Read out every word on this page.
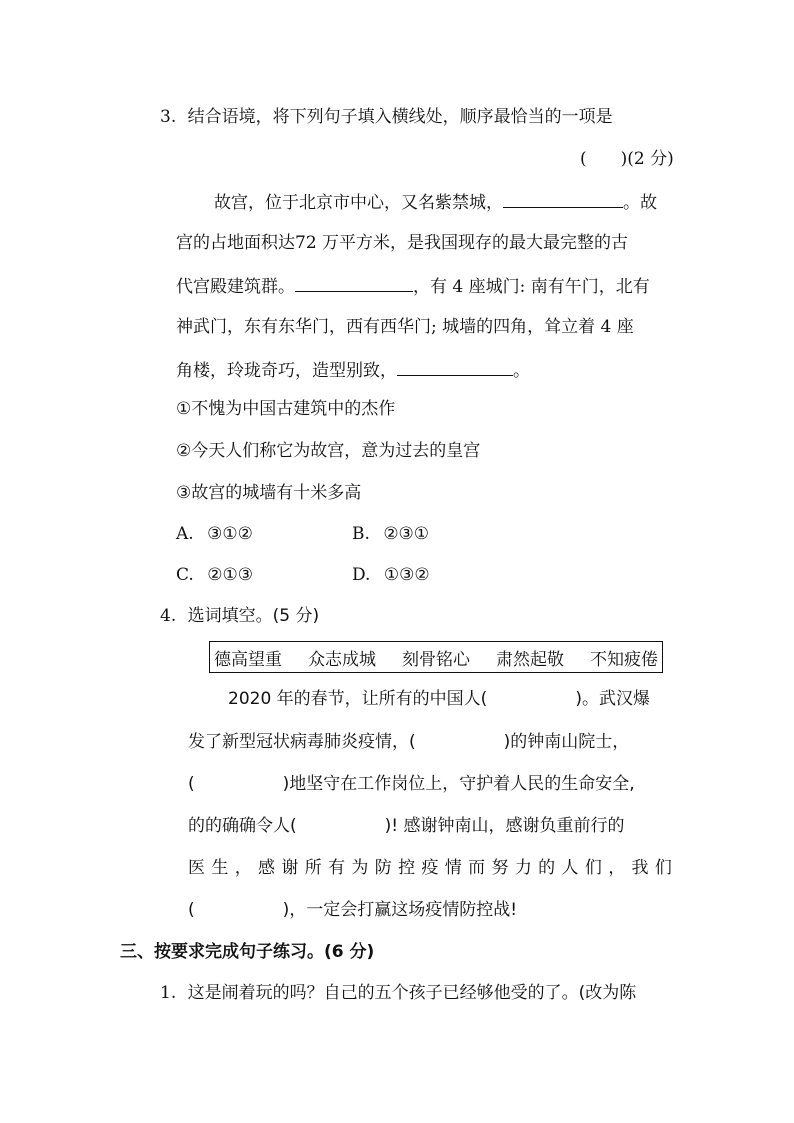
3. 结合语境，将下列句子填入横线处，顺序最恰当的一项是
(　　)(2 分)
故宫，位于北京市中心，又名紫禁城，	。故
宫的占地面积达72 万平方米，是我国现存的最大最完整的古
代宫殿建筑群。	，有 4 座城门: 南有午门，北有
神武门，东有东华门，西有西华门; 城墙的四角，耸立着 4 座
角楼，玲珑奇巧，造型别致，	。
①不愧为中国古建筑中的杰作
②今天人们称它为故宫，意为过去的皇宫
③故宫的城墙有十米多高
A. ③①②	B. ②③①
C. ②①③	D. ①③②
4. 选词填空。(5 分)
德高望重 众志成城 刻骨铭心 肃然起敬 不知疲倦
2020 年的春节，让所有的中国人(	)。武汉爆
发了新型冠状病毒肺炎疫情，(	)的钟南山院士，
(	)地坚守在工作岗位上，守护着人民的生命安全,
的的确确令人(	)! 感谢钟南山，感谢负重前行的
医 生 ， 感 谢 所 有 为 防 控 疫 情 而 努 力 的 人 们 ， 我 们
(	)，一定会打赢这场疫情防控战!
三、按要求完成句子练习。(6 分)
1. 这是闹着玩的吗？自己的五个孩子已经够他受的了。(改为陈
